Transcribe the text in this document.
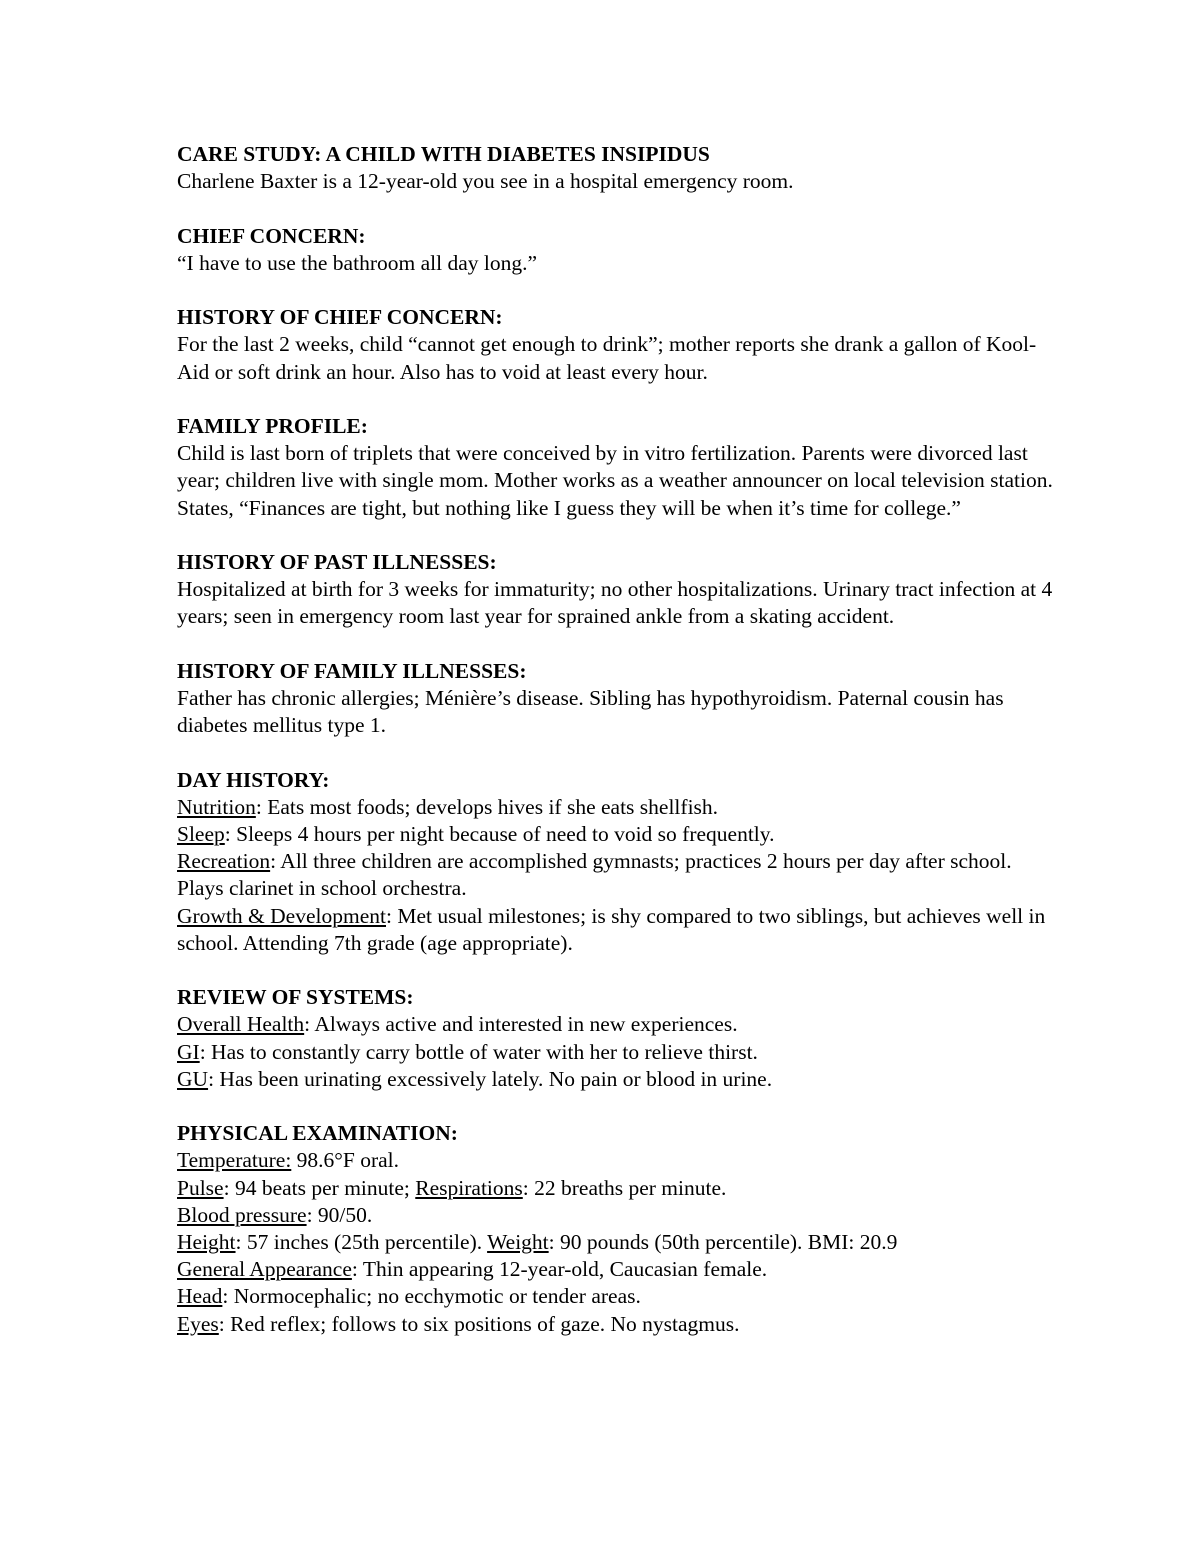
CARE STUDY: A CHILD WITH DIABETES INSIPIDUS
Charlene Baxter is a 12-year-old you see in a hospital emergency room.
CHIEF CONCERN:
“I have to use the bathroom all day long.”
HISTORY OF CHIEF CONCERN:
For the last 2 weeks, child “cannot get enough to drink”; mother reports she drank a gallon of Kool-Aid or soft drink an hour. Also has to void at least every hour.
FAMILY PROFILE:
Child is last born of triplets that were conceived by in vitro fertilization. Parents were divorced last year; children live with single mom. Mother works as a weather announcer on local television station. States, “Finances are tight, but nothing like I guess they will be when it’s time for college.”
HISTORY OF PAST ILLNESSES:
Hospitalized at birth for 3 weeks for immaturity; no other hospitalizations. Urinary tract infection at 4 years; seen in emergency room last year for sprained ankle from a skating accident.
HISTORY OF FAMILY ILLNESSES:
Father has chronic allergies; Ménière’s disease. Sibling has hypothyroidism. Paternal cousin has diabetes mellitus type 1.
DAY HISTORY:
Nutrition: Eats most foods; develops hives if she eats shellfish.
Sleep: Sleeps 4 hours per night because of need to void so frequently.
Recreation: All three children are accomplished gymnasts; practices 2 hours per day after school. Plays clarinet in school orchestra.
Growth & Development: Met usual milestones; is shy compared to two siblings, but achieves well in school. Attending 7th grade (age appropriate).
REVIEW OF SYSTEMS:
Overall Health: Always active and interested in new experiences.
GI: Has to constantly carry bottle of water with her to relieve thirst.
GU: Has been urinating excessively lately. No pain or blood in urine.
PHYSICAL EXAMINATION:
Temperature: 98.6°F oral.
Pulse: 94 beats per minute; Respirations: 22 breaths per minute.
Blood pressure: 90/50.
Height: 57 inches (25th percentile). Weight: 90 pounds (50th percentile). BMI: 20.9
General Appearance: Thin appearing 12-year-old, Caucasian female.
Head: Normocephalic; no ecchymotic or tender areas.
Eyes: Red reflex; follows to six positions of gaze. No nystagmus.
